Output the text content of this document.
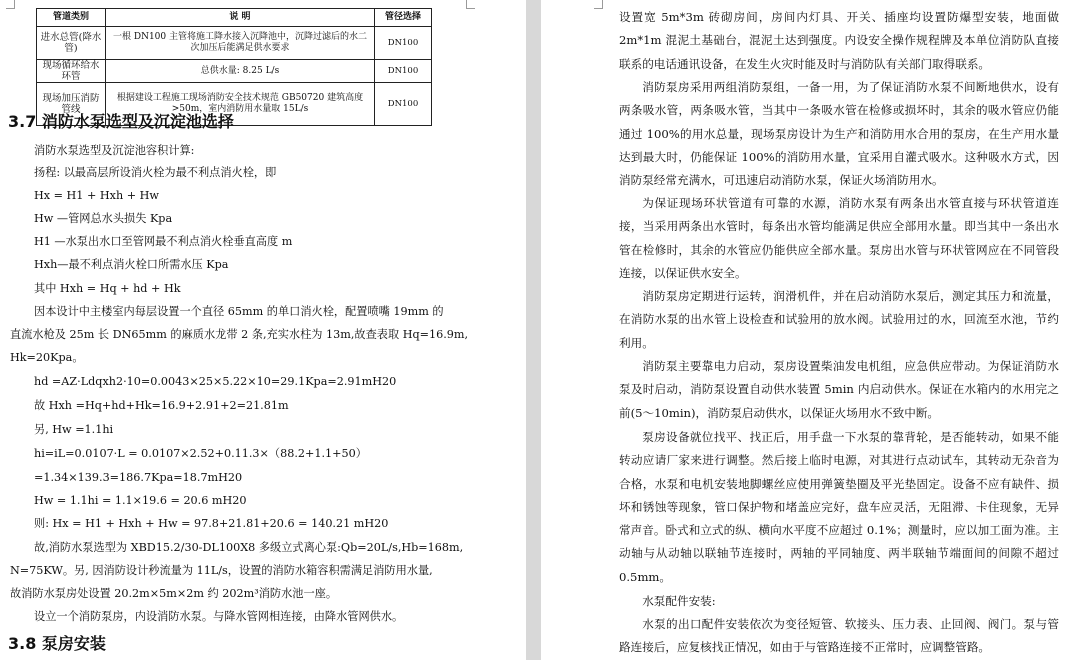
管道类别	说 明	管径选择
进水总管(降水管)	一根 DN100 主管将施工降水接入沉降池中，沉降过滤后的水二次加压后能满足供水要求	DN100
现场循环给水环管	总供水量: 8.25 L/s	DN100
现场加压消防管线	根据建设工程施工现场消防安全技术规范 GB50720 建筑高度>50m，室内消防用水量取 15L/s	DN100
3.7 消防水泵选型及沉淀池选择

消防水泵选型及沉淀池容积计算:

扬程: 以最高层所设消火栓为最不利点消火栓，即

Hx = H1 + Hxh + Hw

Hw —管网总水头损失 Kpa

H1 —水泵出水口至管网最不利点消火栓垂直高度 m

Hxh—最不利点消火栓口所需水压 Kpa

其中 Hxh = Hq + hd + Hk

因本设计中主楼室内每层设置一个直径 65mm 的单口消火栓，配置喷嘴 19mm 的

直流水枪及 25m 长 DN65mm 的麻质水龙带 2 条,充实水柱为 13m,故查表取 Hq=16.9m,

Hk=20Kpa。

hd =AZ·Ldqxh2·10=0.0043×25×5.22×10=29.1Kpa=2.91mH20

故 Hxh =Hq+hd+Hk=16.9+2.91+2=21.81m

另, Hw =1.1hi

hi=iL=0.0107·L = 0.0107×2.52+0.11.3×（88.2+1.1+50）

=1.34×139.3=186.7Kpa=18.7mH20

Hw = 1.1hi = 1.1×19.6 = 20.6 mH20

则: Hx = H1 + Hxh + Hw = 97.8+21.81+20.6 = 140.21 mH20

故,消防水泵选型为 XBD15.2/30-DL100X8 多级立式离心泵:Qb=20L/s,Hb=168m,

N=75KW。另, 因消防设计秒流量为 11L/s，设置的消防水箱容积需满足消防用水量,

故消防水泵房处设置 20.2m×5m×2m 约 202m³消防水池一座。

设立一个消防泵房，内设消防水泵。与降水管网相连接，由降水管网供水。

3.8 泵房安装

设置宽 5m*3m 砖砌房间，房间内灯具、开关、插座均设置防爆型安装，地面做 2m*1m 混泥土基础台，混泥土达到强度。内设安全操作规程牌及本单位消防队直接联系的电话通讯设备，在发生火灾时能及时与消防队有关部门取得联系。

消防泵房采用两组消防泵组，一备一用，为了保证消防水泵不间断地供水，设有两条吸水管，两条吸水管，当其中一条吸水管在检修或损坏时，其余的吸水管应仍能通过 100%的用水总量，现场泵房设计为生产和消防用水合用的泵房，在生产用水量达到最大时，仍能保证 100%的消防用水量，宜采用自灌式吸水。这种吸水方式，因消防泵经常充满水，可迅速启动消防水泵，保证火场消防用水。

为保证现场环状管道有可靠的水源，消防水泵有两条出水管直接与环状管道连接，当采用两条出水管时，每条出水管均能满足供应全部用水量。即当其中一条出水管在检修时，其余的水管应仍能供应全部水量。泵房出水管与环状管网应在不同管段连接，以保证供水安全。

消防泵房定期进行运转，润滑机件，并在启动消防水泵后，测定其压力和流量，在消防水泵的出水管上设检查和试验用的放水阀。试验用过的水，回流至水池，节约利用。

消防泵主要靠电力启动，泵房设置柴油发电机组，应急供应带动。为保证消防水泵及时启动，消防泵设置自动供水装置 5min 内启动供水。保证在水箱内的水用完之前(5～10min)，消防泵启动供水，以保证火场用水不致中断。

泵房设备就位找平、找正后，用手盘一下水泵的靠背轮，是否能转动，如果不能转动应请厂家来进行调整。然后接上临时电源，对其进行点动试车，其转动无杂音为合格，水泵和电机安装地脚螺丝应使用弹簧垫圈及平光垫固定。设备不应有缺件、损坏和锈蚀等现象，管口保护物和堵盖应完好，盘车应灵活，无阻滞、卡住现象，无异常声音。卧式和立式的纵、横向水平度不应超过 0.1%；测量时，应以加工面为准。主动轴与从动轴以联轴节连接时，两轴的平同轴度、两半联轴节端面间的间隙不超过 0.5mm。

水泵配件安装:

水泵的出口配件安装依次为变径短管、软接头、压力表、止回阀、阀门。泵与管路连接后，应复核找正情况，如由于与管路连接不正常时，应调整管路。
